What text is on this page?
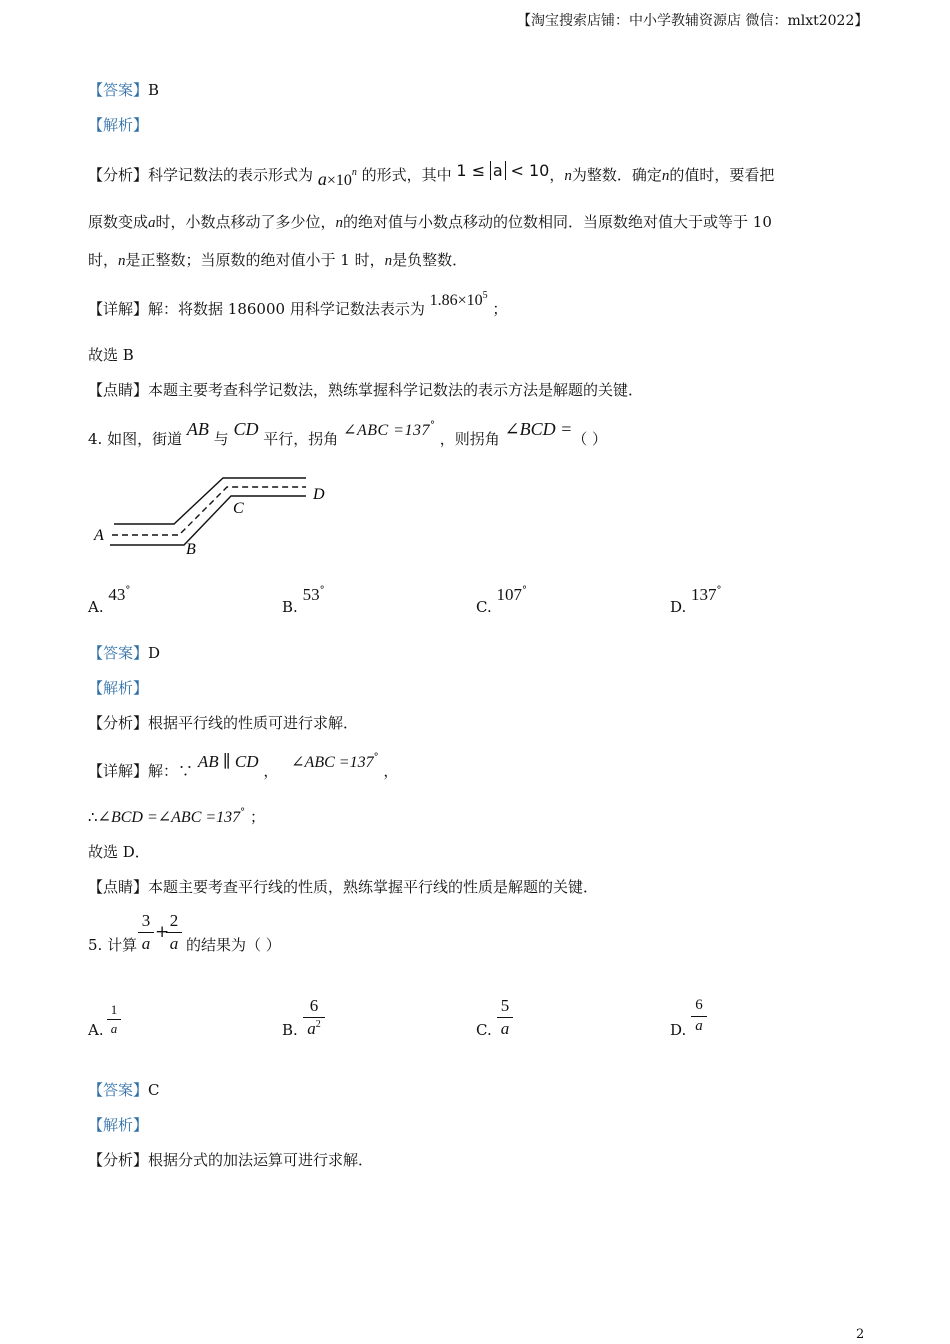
【淘宝搜索店铺：中小学教辅资源店 微信：mlxt2022】
【答案】B
【解析】
【分析】科学记数法的表示形式为 $a\times 10^n$ 的形式，其中 1 ≤ a < 10，n为整数．确定n的值时，要看把
原数变成a时，小数点移动了多少位，n的绝对值与小数点移动的位数相同．当原数绝对值大于或等于 10
时，n是正整数；当原数的绝对值小于 1 时，n是负整数．
【详解】解：将数据 186000 用科学记数法表示为 $1.86\times 10^5$ ；
故选 B
【点睛】本题主要考查科学记数法，熟练掌握科学记数法的表示方法是解题的关键．
4. 如图，街道 AB 与 CD 平行，拐角 ∠ABC =137° ，则拐角 ∠BCD =（ ）
A
B
C
D
A. 43°
B. 53°
C. 107°
D. 137°
【答案】D
【解析】
【分析】根据平行线的性质可进行求解．
【详解】解：∵ AB ∥ CD ， ∠ABC =137° ，
∴∠BCD =∠ABC =137° ；
故选 D．
【点睛】本题主要考查平行线的性质，熟练掌握平行线的性质是解题的关键．
5. 计算
3
a
+
2
a 的结果为（ ）
A.
1
a	B.
6
$a^2$	C.
5
a	D.
6
a
【答案】C
【解析】
【分析】根据分式的加法运算可进行求解．
2
